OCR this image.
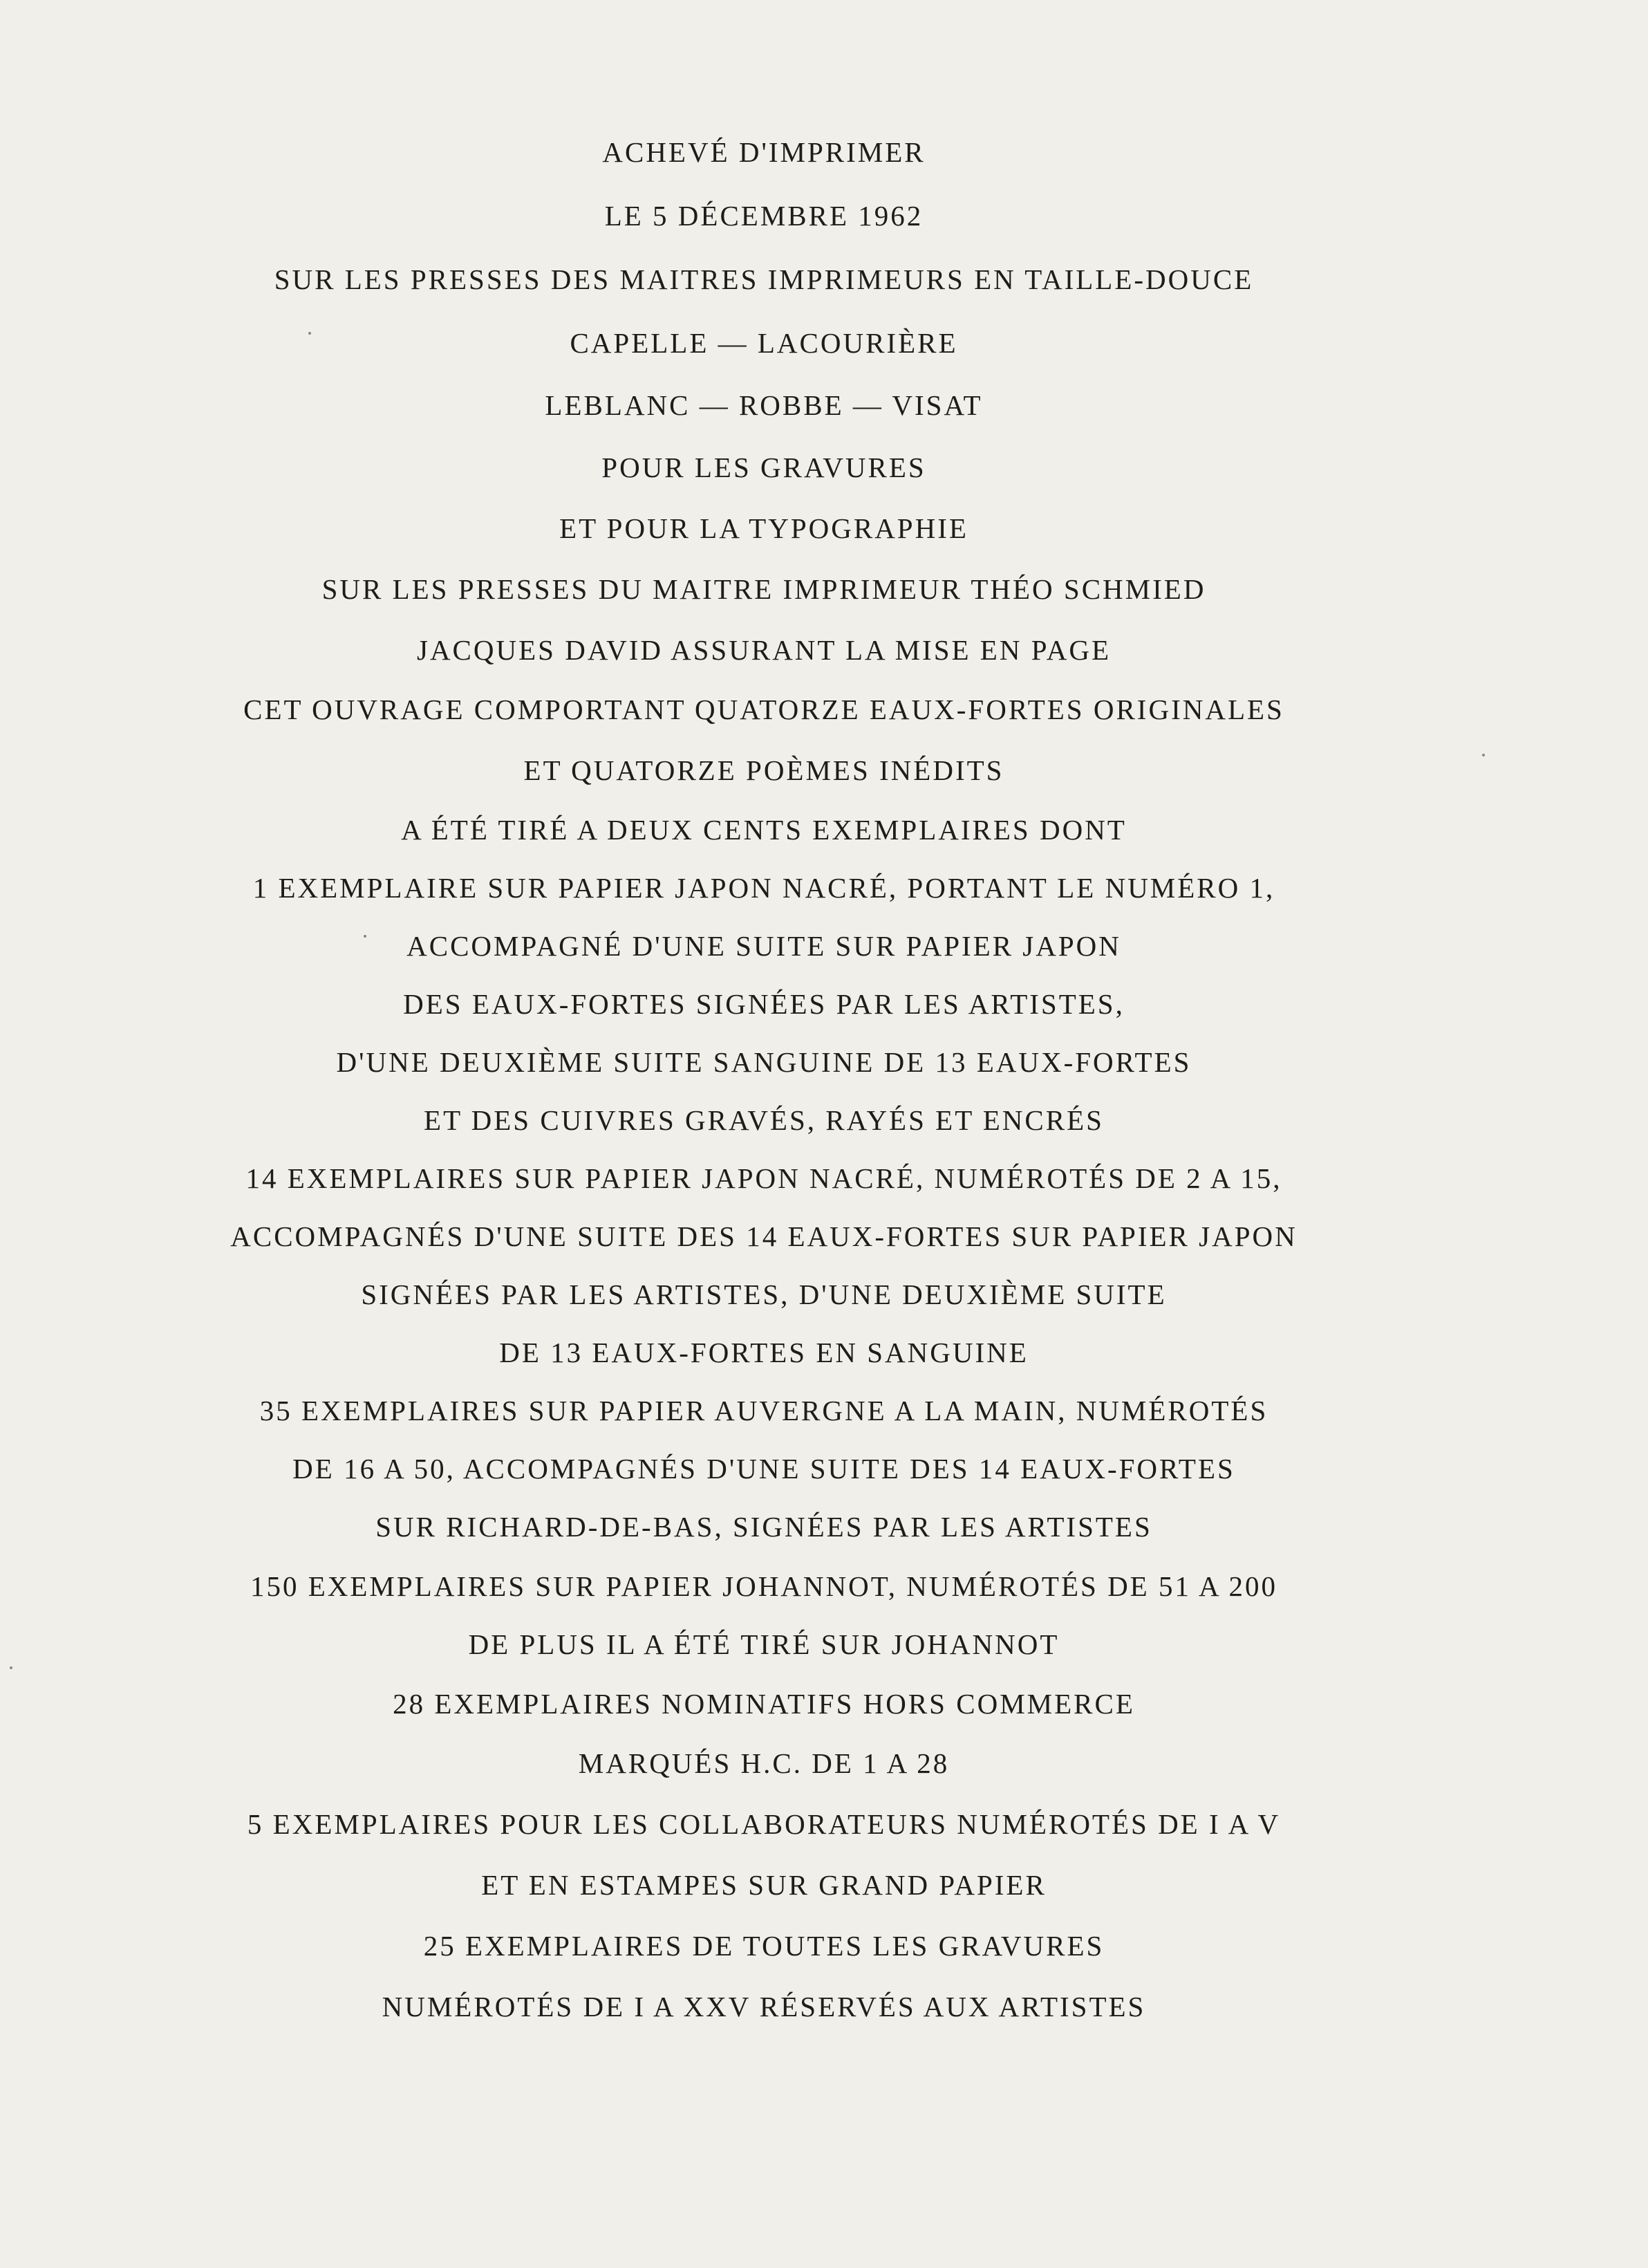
ACHEVÉ D'IMPRIMER
LE 5 DÉCEMBRE 1962
SUR LES PRESSES DES MAITRES IMPRIMEURS EN TAILLE-DOUCE
CAPELLE — LACOURIÈRE
LEBLANC — ROBBE — VISAT
POUR LES GRAVURES
ET POUR LA TYPOGRAPHIE
SUR LES PRESSES DU MAITRE IMPRIMEUR THÉO SCHMIED
JACQUES DAVID ASSURANT LA MISE EN PAGE
CET OUVRAGE COMPORTANT QUATORZE EAUX-FORTES ORIGINALES
ET QUATORZE POÈMES INÉDITS
A ÉTÉ TIRÉ A DEUX CENTS EXEMPLAIRES DONT
1 EXEMPLAIRE SUR PAPIER JAPON NACRÉ, PORTANT LE NUMÉRO 1,
ACCOMPAGNÉ D'UNE SUITE SUR PAPIER JAPON
DES EAUX-FORTES SIGNÉES PAR LES ARTISTES,
D'UNE DEUXIÈME SUITE SANGUINE DE 13 EAUX-FORTES
ET DES CUIVRES GRAVÉS, RAYÉS ET ENCRÉS
14 EXEMPLAIRES SUR PAPIER JAPON NACRÉ, NUMÉROTÉS DE 2 A 15,
ACCOMPAGNÉS D'UNE SUITE DES 14 EAUX-FORTES SUR PAPIER JAPON
SIGNÉES PAR LES ARTISTES, D'UNE DEUXIÈME SUITE
DE 13 EAUX-FORTES EN SANGUINE
35 EXEMPLAIRES SUR PAPIER AUVERGNE A LA MAIN, NUMÉROTÉS
DE 16 A 50, ACCOMPAGNÉS D'UNE SUITE DES 14 EAUX-FORTES
SUR RICHARD-DE-BAS, SIGNÉES PAR LES ARTISTES
150 EXEMPLAIRES SUR PAPIER JOHANNOT, NUMÉROTÉS DE 51 A 200
DE PLUS IL A ÉTÉ TIRÉ SUR JOHANNOT
28 EXEMPLAIRES NOMINATIFS HORS COMMERCE
MARQUÉS H.C. DE 1 A 28
5 EXEMPLAIRES POUR LES COLLABORATEURS NUMÉROTÉS DE I A V
ET EN ESTAMPES SUR GRAND PAPIER
25 EXEMPLAIRES DE TOUTES LES GRAVURES
NUMÉROTÉS DE I A XXV RÉSERVÉS AUX ARTISTES
